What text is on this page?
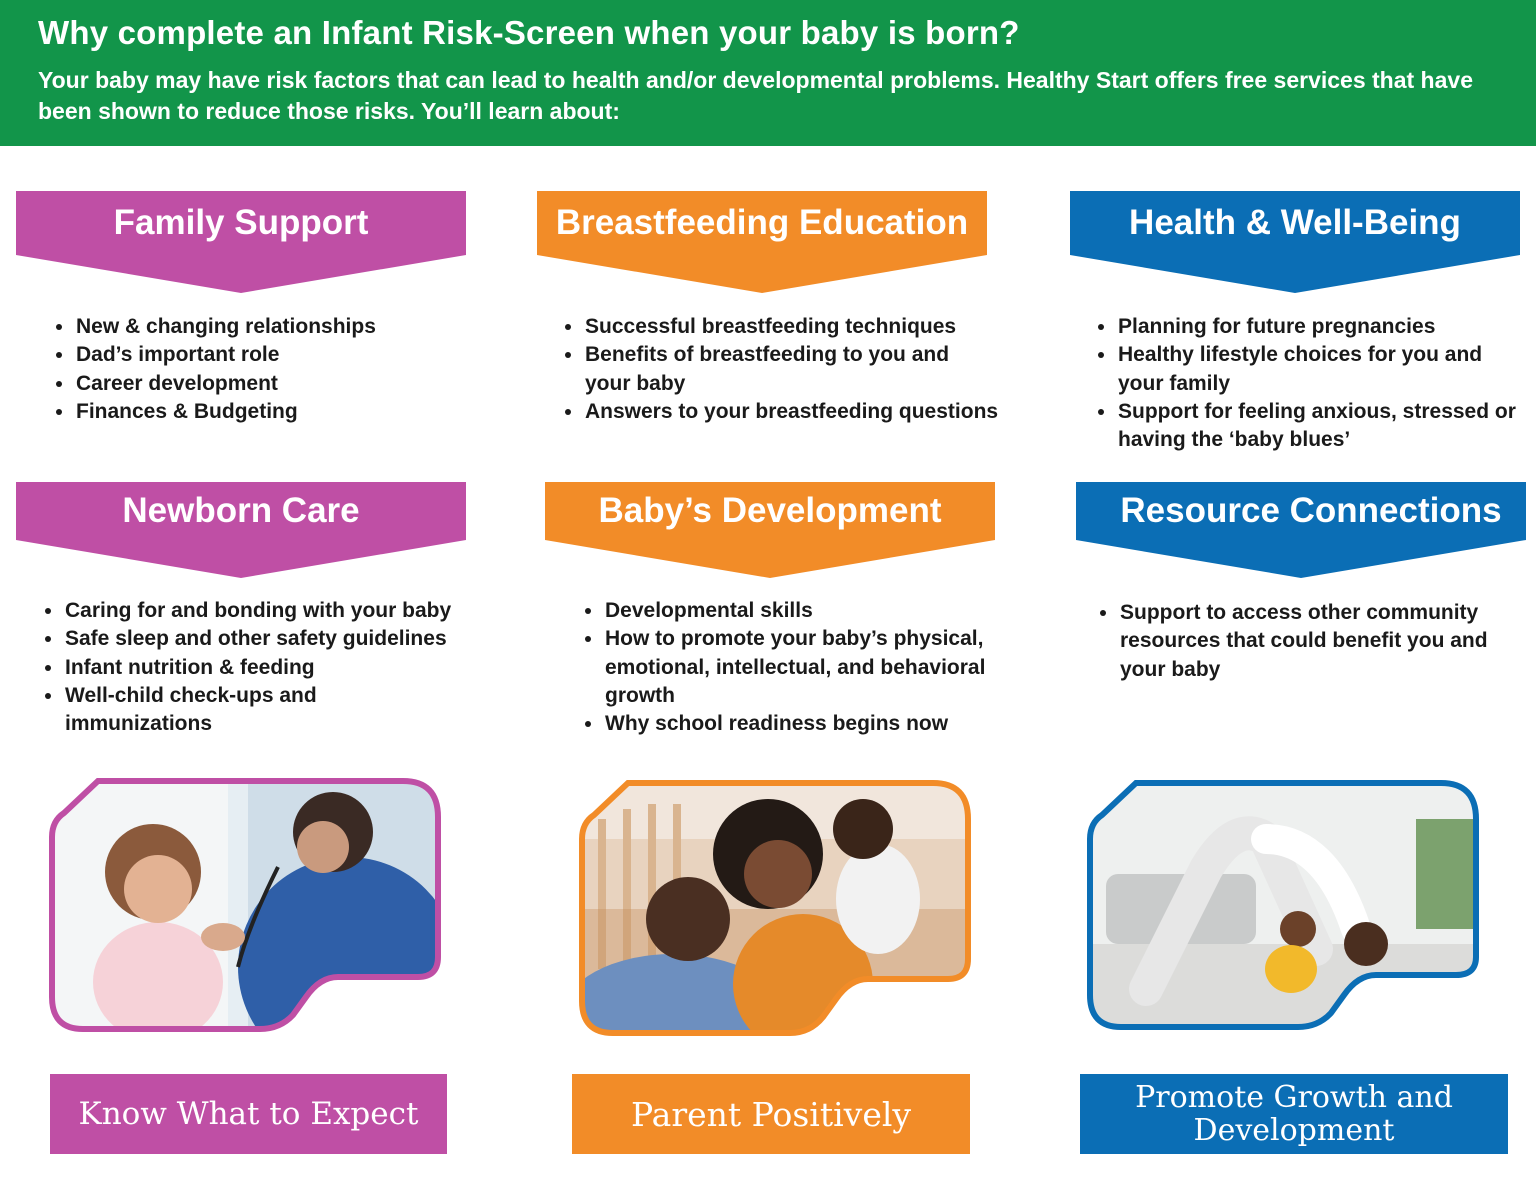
Why complete an Infant Risk-Screen when your baby is born?

Your baby may have risk factors that can lead to health and/or developmental problems. Healthy Start offers free services that have been shown to reduce those risks. You’ll learn about:

Family Support	Breastfeeding Education	Health & Well-Being
• New & changing relationships
• Dad’s important role
• Career development
• Finances & Budgeting
• Successful breastfeeding techniques
• Benefits of breastfeeding to you and your baby
• Answers to your breastfeeding questions
• Planning for future pregnancies
• Healthy lifestyle choices for you and your family
• Support for feeling anxious, stressed or having the ‘baby blues’
Newborn Care	Baby’s Development	Resource Connections
• Caring for and bonding with your baby
• Safe sleep and other safety guidelines
• Infant nutrition & feeding
• Well-child check-ups and immunizations
• Developmental skills
• How to promote your baby’s physical, emotional, intellectual, and behavioral growth
• Why school readiness begins now
• Support to access other community resources that could benefit you and your baby
Know What to Expect	Parent Positively	Promote Growth and Development
